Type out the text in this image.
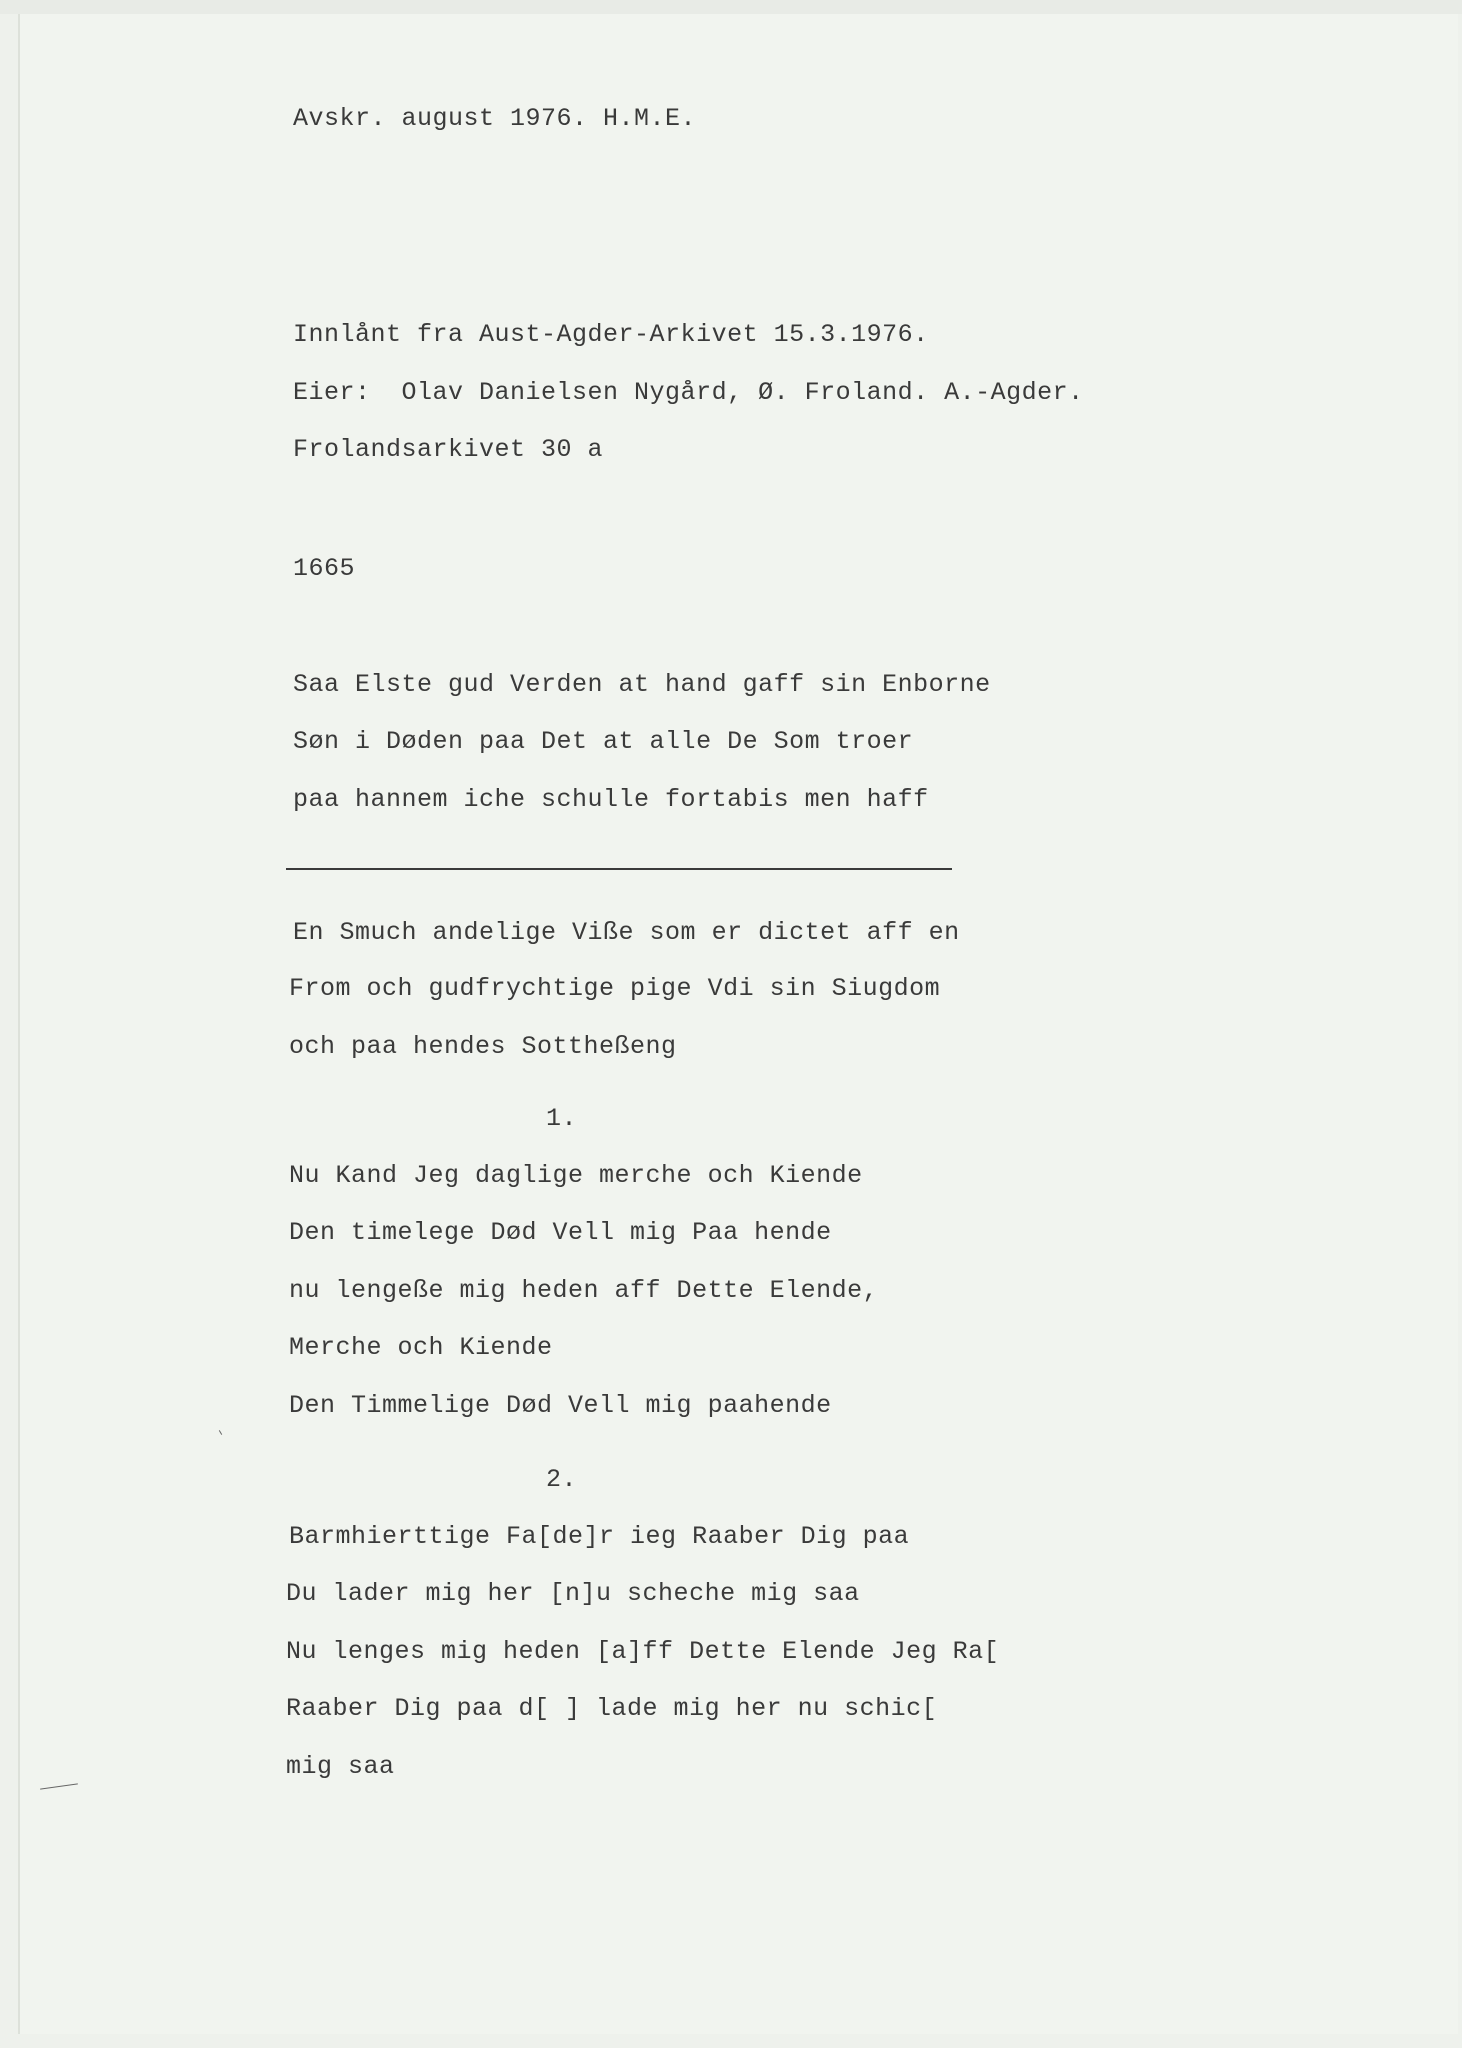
Avskr. august 1976. H.M.E.
Innlånt fra Aust-Agder-Arkivet 15.3.1976.
Eier:  Olav Danielsen Nygård, Ø. Froland. A.-Agder.
Frolandsarkivet 30 a
1665
Saa Elste gud Verden at hand gaff sin Enborne
Søn i Døden paa Det at alle De Som troer
paa hannem iche schulle fortabis men haff
En Smuch andelige Viße som er dictet aff en
From och gudfrychtige pige Vdi sin Siugdom
och paa hendes Sottheßeng
1.
Nu Kand Jeg daglige merche och Kiende
Den timelege Død Vell mig Paa hende
nu lengeße mig heden aff Dette Elende,
Merche och Kiende
Den Timmelige Død Vell mig paahende
2.
Barmhierttige Fa[de]r ieg Raaber Dig paa
Du lader mig her [n]u scheche mig saa
Nu lenges mig heden [a]ff Dette Elende Jeg Ra[
Raaber Dig paa d[ ] lade mig her nu schic[
mig saa
